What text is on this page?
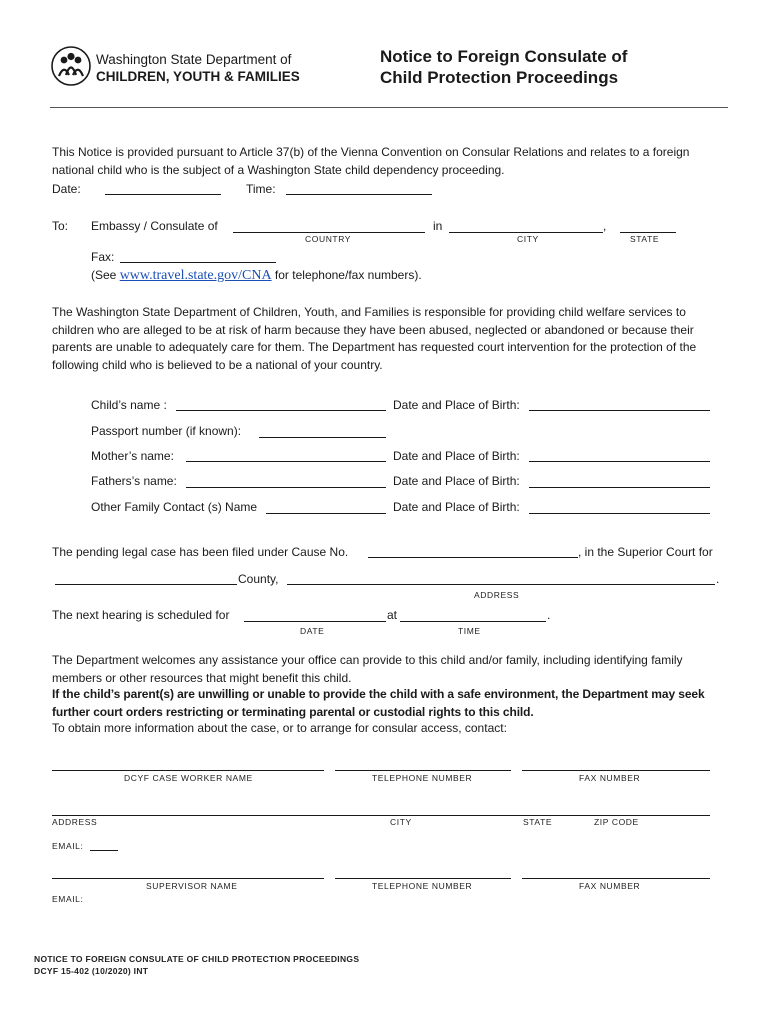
Washington State Department of
CHILDREN, YOUTH & FAMILIES
Notice to Foreign Consulate of
Child Protection Proceedings
This Notice is provided pursuant to Article 37(b) of the Vienna Convention on Consular Relations and relates to a foreign national child who is the subject of a Washington State child dependency proceeding.
Date:	Time:
To: Embassy / Consulate of	in	,
COUNTRY	CITY	STATE
Fax:
(See www.travel.state.gov/CNA for telephone/fax numbers).
The Washington State Department of Children, Youth, and Families is responsible for providing child welfare services to children who are alleged to be at risk of harm because they have been abused, neglected or abandoned or because their parents are unable to adequately care for them. The Department has requested court intervention for the protection of the following child who is believed to be a national of your country.
Child’s name :	Date and Place of Birth:
Passport number (if known):
Mother’s name:	Date and Place of Birth:
Fathers’s name:	Date and Place of Birth:
Other Family Contact (s) Name	Date and Place of Birth:
The pending legal case has been filed under Cause No.	, in the Superior Court for
County,	.
ADDRESS
The next hearing is scheduled for	at	.
DATE	TIME
The Department welcomes any assistance your office can provide to this child and/or family, including identifying family members or other resources that might benefit this child.
If the child’s parent(s) are unwilling or unable to provide the child with a safe environment, the Department may seek further court orders restricting or terminating parental or custodial rights to this child.
To obtain more information about the case, or to arrange for consular access, contact:
DCYF CASE WORKER NAME	TELEPHONE NUMBER	FAX NUMBER
ADDRESS	CITY	STATE	ZIP CODE
EMAIL:
SUPERVISOR NAME	TELEPHONE NUMBER	FAX NUMBER
EMAIL:
NOTICE TO FOREIGN CONSULATE OF CHILD PROTECTION PROCEEDINGS
DCYF 15-402 (10/2020) INT
